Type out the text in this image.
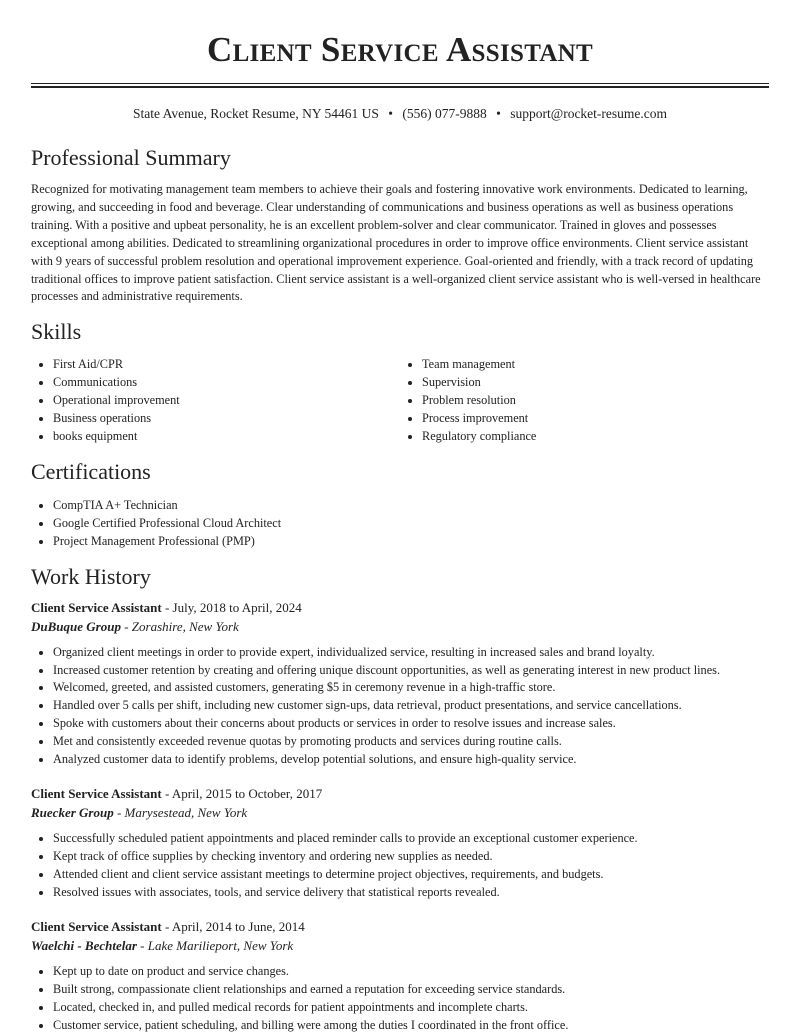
Client Service Assistant
State Avenue, Rocket Resume, NY 54461 US • (556) 077-9888 • support@rocket-resume.com
Professional Summary

Recognized for motivating management team members to achieve their goals and fostering innovative work environments. Dedicated to learning, growing, and succeeding in food and beverage. Clear understanding of communications and business operations as well as business operations training. With a positive and upbeat personality, he is an excellent problem-solver and clear communicator. Trained in gloves and possesses exceptional among abilities. Dedicated to streamlining organizational procedures in order to improve office environments. Client service assistant with 9 years of successful problem resolution and operational improvement experience. Goal-oriented and friendly, with a track record of updating traditional offices to improve patient satisfaction. Client service assistant is a well-organized client service assistant who is well-versed in healthcare processes and administrative requirements.

Skills
• First Aid/CPR
• Communications
• Operational improvement
• Business operations
• books equipment
• Team management
• Supervision
• Problem resolution
• Process improvement
• Regulatory compliance
Certifications
• CompTIA A+ Technician
• Google Certified Professional Cloud Architect
• Project Management Professional (PMP)
Work History
Client Service Assistant - July, 2018 to April, 2024
DuBuque Group - Zorashire, New York
• Organized client meetings in order to provide expert, individualized service, resulting in increased sales and brand loyalty.
• Increased customer retention by creating and offering unique discount opportunities, as well as generating interest in new product lines.
• Welcomed, greeted, and assisted customers, generating $5 in ceremony revenue in a high-traffic store.
• Handled over 5 calls per shift, including new customer sign-ups, data retrieval, product presentations, and service cancellations.
• Spoke with customers about their concerns about products or services in order to resolve issues and increase sales.
• Met and consistently exceeded revenue quotas by promoting products and services during routine calls.
• Analyzed customer data to identify problems, develop potential solutions, and ensure high-quality service.
Client Service Assistant - April, 2015 to October, 2017
Ruecker Group - Marysestead, New York
• Successfully scheduled patient appointments and placed reminder calls to provide an exceptional customer experience.
• Kept track of office supplies by checking inventory and ordering new supplies as needed.
• Attended client and client service assistant meetings to determine project objectives, requirements, and budgets.
• Resolved issues with associates, tools, and service delivery that statistical reports revealed.
Client Service Assistant - April, 2014 to June, 2014
Waelchi - Bechtelar - Lake Marilieport, New York
• Kept up to date on product and service changes.
• Built strong, compassionate client relationships and earned a reputation for exceeding service standards.
• Located, checked in, and pulled medical records for patient appointments and incomplete charts.
• Customer service, patient scheduling, and billing were among the duties I coordinated in the front office.
